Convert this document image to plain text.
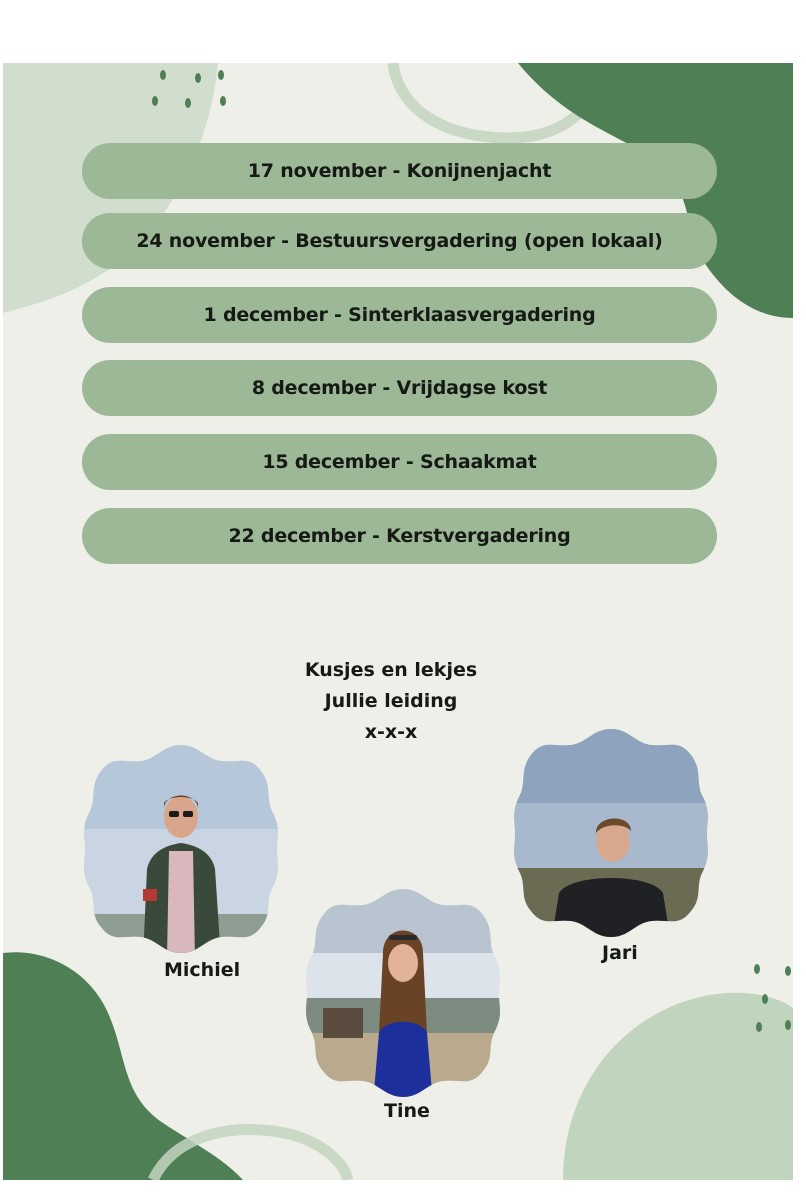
17 november - Konijnenjacht
24 november - Bestuursvergadering (open lokaal)
1 december - Sinterklaasvergadering
8 december - Vrijdagse kost
15 december - Schaakmat
22 december - Kerstvergadering
Kusjes en lekjes
Jullie leiding
x-x-x
Michiel
Tine
Jari
